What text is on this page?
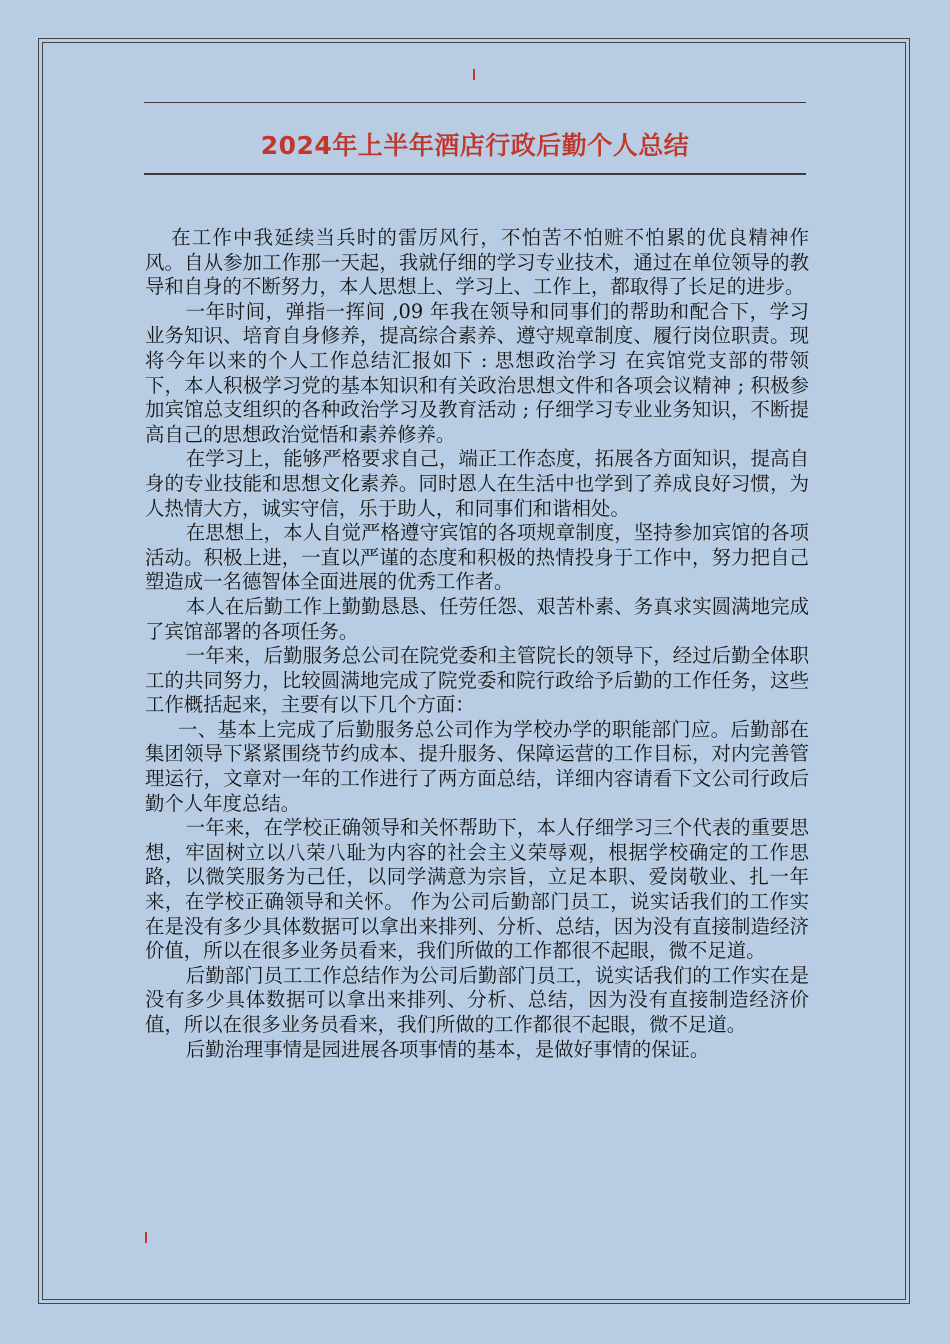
2024年上半年酒店行政后勤个人总结

在工作中我延续当兵时的雷厉风行，不怕苦不怕赃不怕累的优良精神作风。自从参加工作那一天起，我就仔细的学习专业技术，通过在单位领导的教导和自身的不断努力，本人思想上、学习上、工作上，都取得了长足的进步。

一年时间，弹指一挥间 ,09 年我在领导和同事们的帮助和配合下，学习业务知识、培育自身修养，提高综合素养、遵守规章制度、履行岗位职责。现将今年以来的个人工作总结汇报如下 : 思想政治学习 在宾馆党支部的带领下，本人积极学习党的基本知识和有关政治思想文件和各项会议精神 ; 积极参加宾馆总支组织的各种政治学习及教育活动 ; 仔细学习专业业务知识，不断提高自己的思想政治觉悟和素养修养。

在学习上，能够严格要求自己，端正工作态度，拓展各方面知识，提高自身的专业技能和思想文化素养。同时恩人在生活中也学到了养成良好习惯，为人热情大方，诚实守信，乐于助人，和同事们和谐相处。

在思想上，本人自觉严格遵守宾馆的各项规章制度，坚持参加宾馆的各项活动。积极上进，一直以严谨的态度和积极的热情投身于工作中，努力把自己塑造成一名德智体全面进展的优秀工作者。

本人在后勤工作上勤勤恳恳、任劳任怨、艰苦朴素、务真求实圆满地完成了宾馆部署的各项任务。

一年来，后勤服务总公司在院党委和主管院长的领导下，经过后勤全体职工的共同努力，比较圆满地完成了院党委和院行政给予后勤的工作任务，这些工作概括起来，主要有以下几个方面：

一、基本上完成了后勤服务总公司作为学校办学的职能部门应。后勤部在集团领导下紧紧围绕节约成本、提升服务、保障运营的工作目标，对内完善管理运行，文章对一年的工作进行了两方面总结，详细内容请看下文公司行政后勤个人年度总结。

一年来，在学校正确领导和关怀帮助下，本人仔细学习三个代表的重要思想，牢固树立以八荣八耻为内容的社会主义荣辱观，根据学校确定的工作思路，以微笑服务为己任，以同学满意为宗旨，立足本职、爱岗敬业、扎一年来，在学校正确领导和关怀。 作为公司后勤部门员工，说实话我们的工作实在是没有多少具体数据可以拿出来排列、分析、总结，因为没有直接制造经济价值，所以在很多业务员看来，我们所做的工作都很不起眼，微不足道。

后勤部门员工工作总结作为公司后勤部门员工，说实话我们的工作实在是没有多少具体数据可以拿出来排列、分析、总结，因为没有直接制造经济价值，所以在很多业务员看来，我们所做的工作都很不起眼，微不足道。

后勤治理事情是园进展各项事情的基本，是做好事情的保证。
